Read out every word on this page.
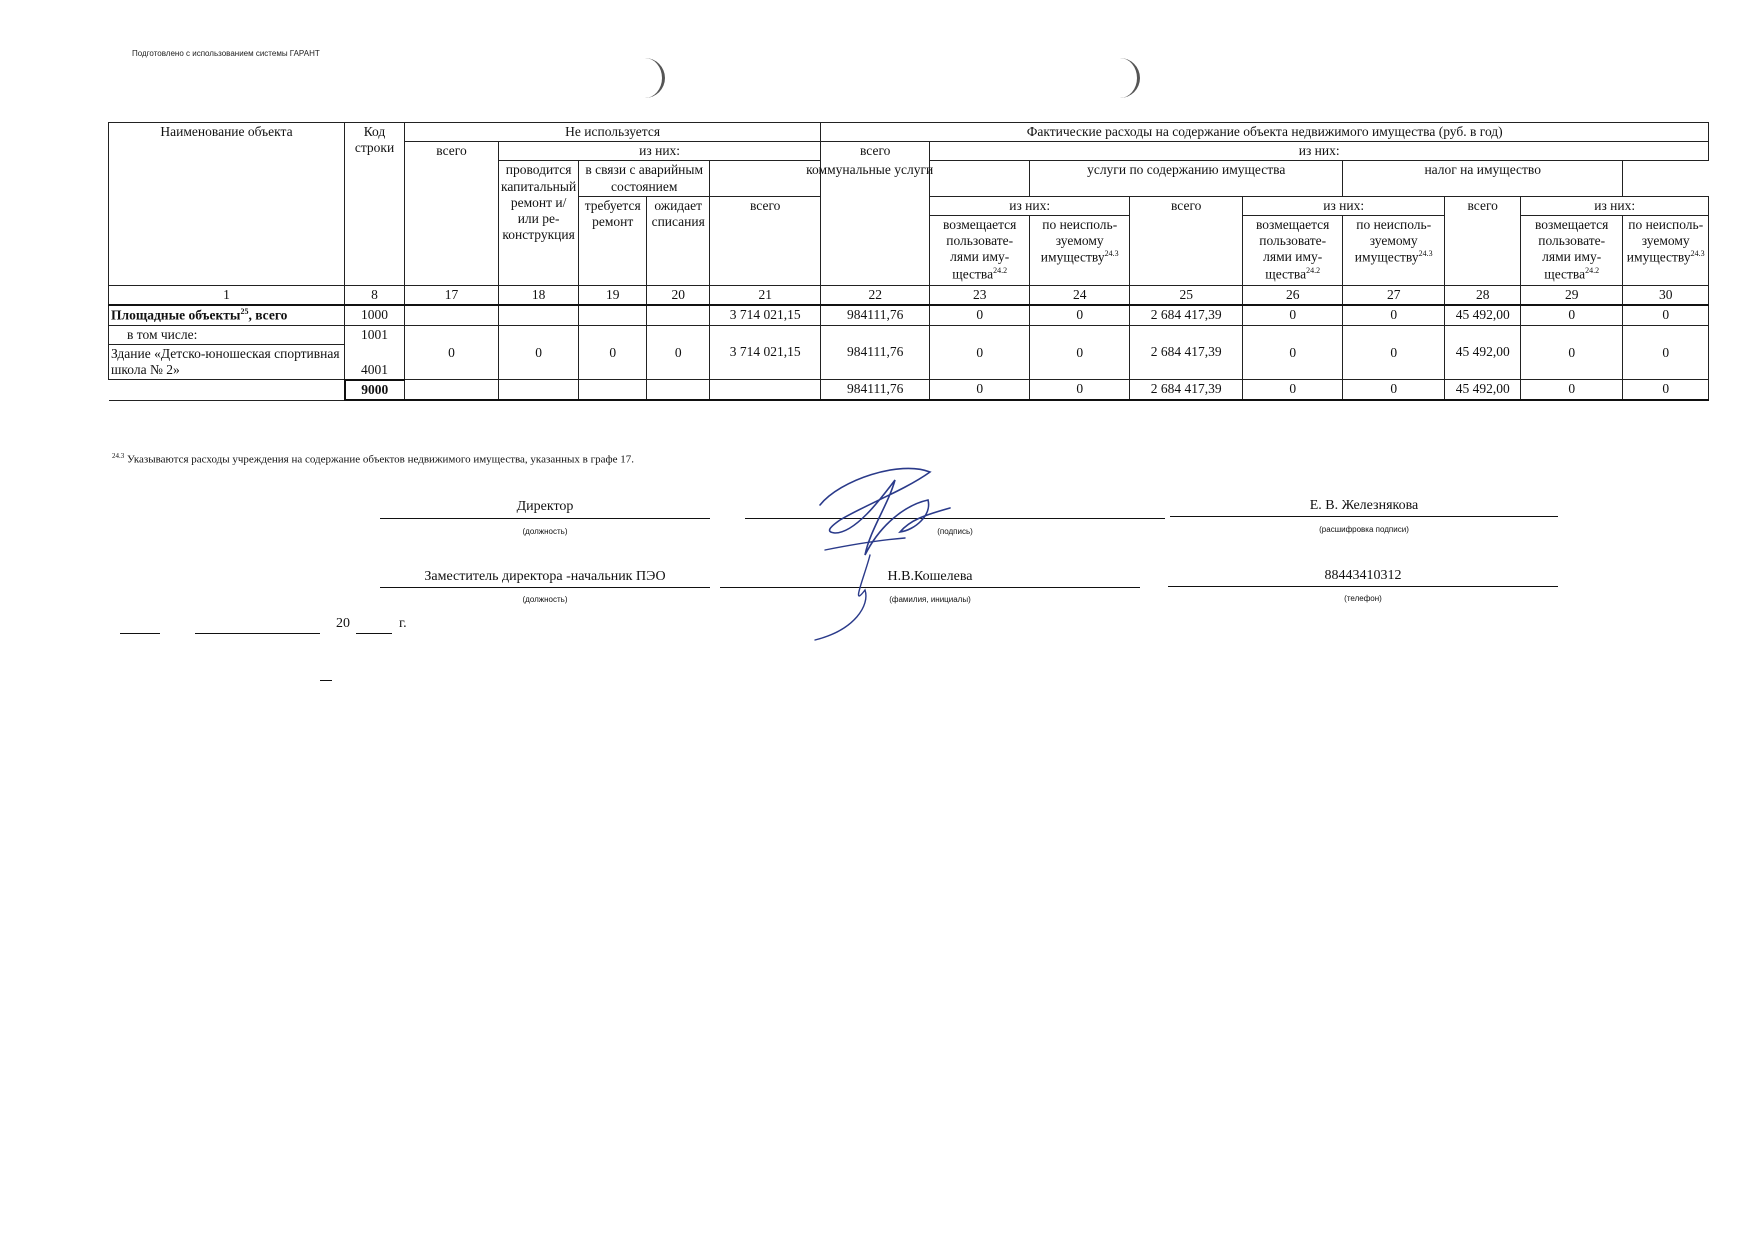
Подготовлено с использованием системы ГАРАНТ
Наименование объекта	Код строки	Не используется					Фактические расходы на содержание объекта недвижимого имущества (руб. в год)								
		всего	из них:				всего	из них:							
			проводится капитальный ремонт и/или ре- конструкция	в связи с аварийным состоянием		коммунальные услуги			услуги по содержанию имущества			налог на имущество			
				требуется ремонт	ожидает списания	всего		из них:		всего	из них:		всего	из них:	
								возмещается пользовате- лями иму- щества$^{24.2}$	по неисполь- зуемому имуществу$^{24.3}$		возмещается пользовате- лями иму- щества$^{24.2}$	по неисполь- зуемому имуществу$^{24.3}$		возмещается пользовате- лями иму- щества$^{24.2}$	по неисполь- зуемому имуществу$^{24.3}$
1	8	17	18	19	20	21	22	23	24	25	26	27	28	29	30
Площадные объекты$^{25}$, всего	1000					3 714 021,15	984111,76	0	0	2 684 417,39	0	0	45 492,00	0	0
в том числе:	1001	0	0	0	0	3 714 021,15	984111,76	0	0	2 684 417,39	0	0	45 492,00	0	0
Здание «Детско-юношеская спортивная школа № 2»	4001														
	9000						984111,76	0	0	2 684 417,39	0	0	45 492,00	0	0
$^{24.3}$ Указываются расходы учреждения на содержание объектов недвижимого имущества, указанных в графе 17.
Директор
(должность)	(подпись)
Е. В. Железнякова
(расшифровка подписи)
Заместитель директора -начальник ПЭО
(должность)
Н.В.Кошелева
(фамилия, инициалы)
88443410312
(телефон)
20	г.
